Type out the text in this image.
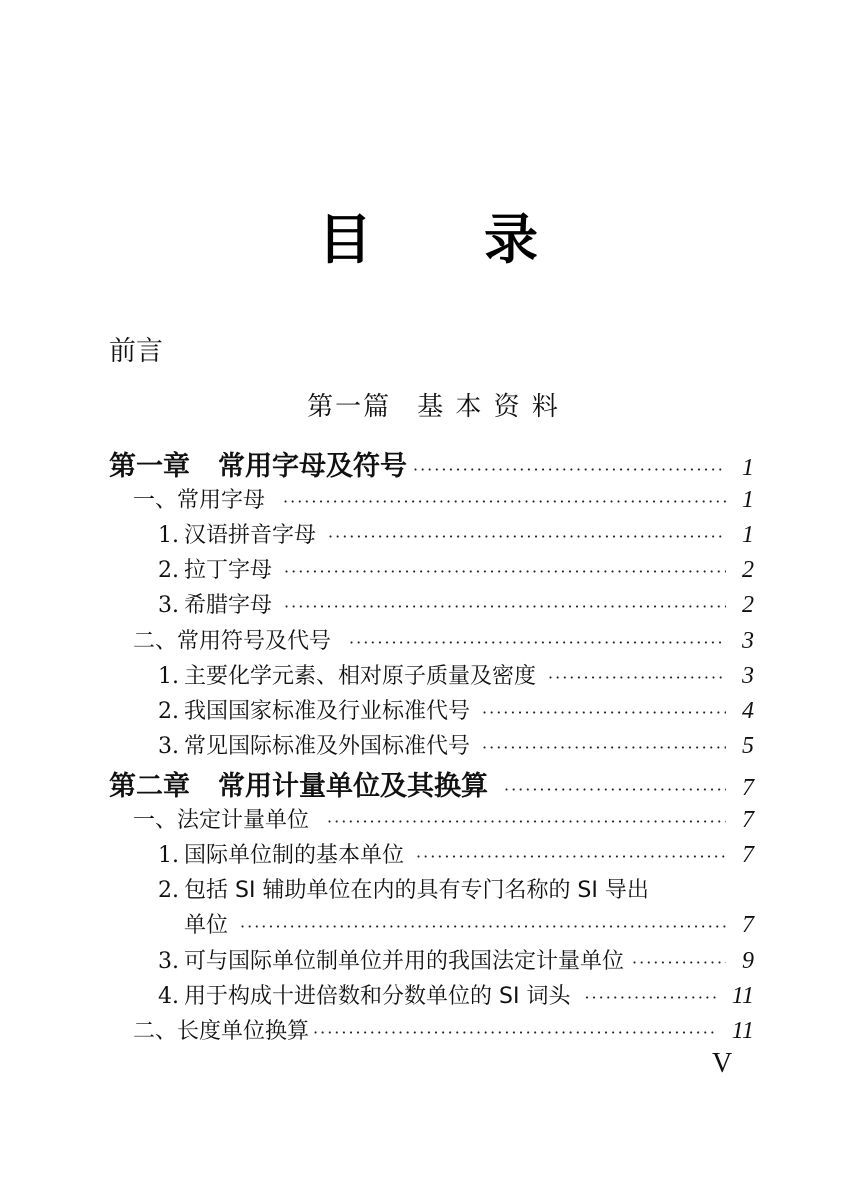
目 录
前言
第一篇 基 本 资 料
第一章 常用字母及符号 ·····	1
一、常用字母 ·····	1
1. 汉语拼音字母 ·····	1
2. 拉丁字母 ·····	2
3. 希腊字母 ·····	2
二、常用符号及代号 ·····	3
1. 主要化学元素、相对原子质量及密度 ·····	3
2. 我国国家标准及行业标准代号 ·····	4
3. 常见国际标准及外国标准代号 ·····	5
第二章 常用计量单位及其换算 ·····	7
一、法定计量单位 ·····	7
1. 国际单位制的基本单位 ·····	7
2. 包括 SI 辅助单位在内的具有专门名称的 SI 导出
单位 ·····	7
3. 可与国际单位制单位并用的我国法定计量单位 ·····	9
4. 用于构成十进倍数和分数单位的 SI 词头 ·····	11
二、长度单位换算 ·····	11
V
